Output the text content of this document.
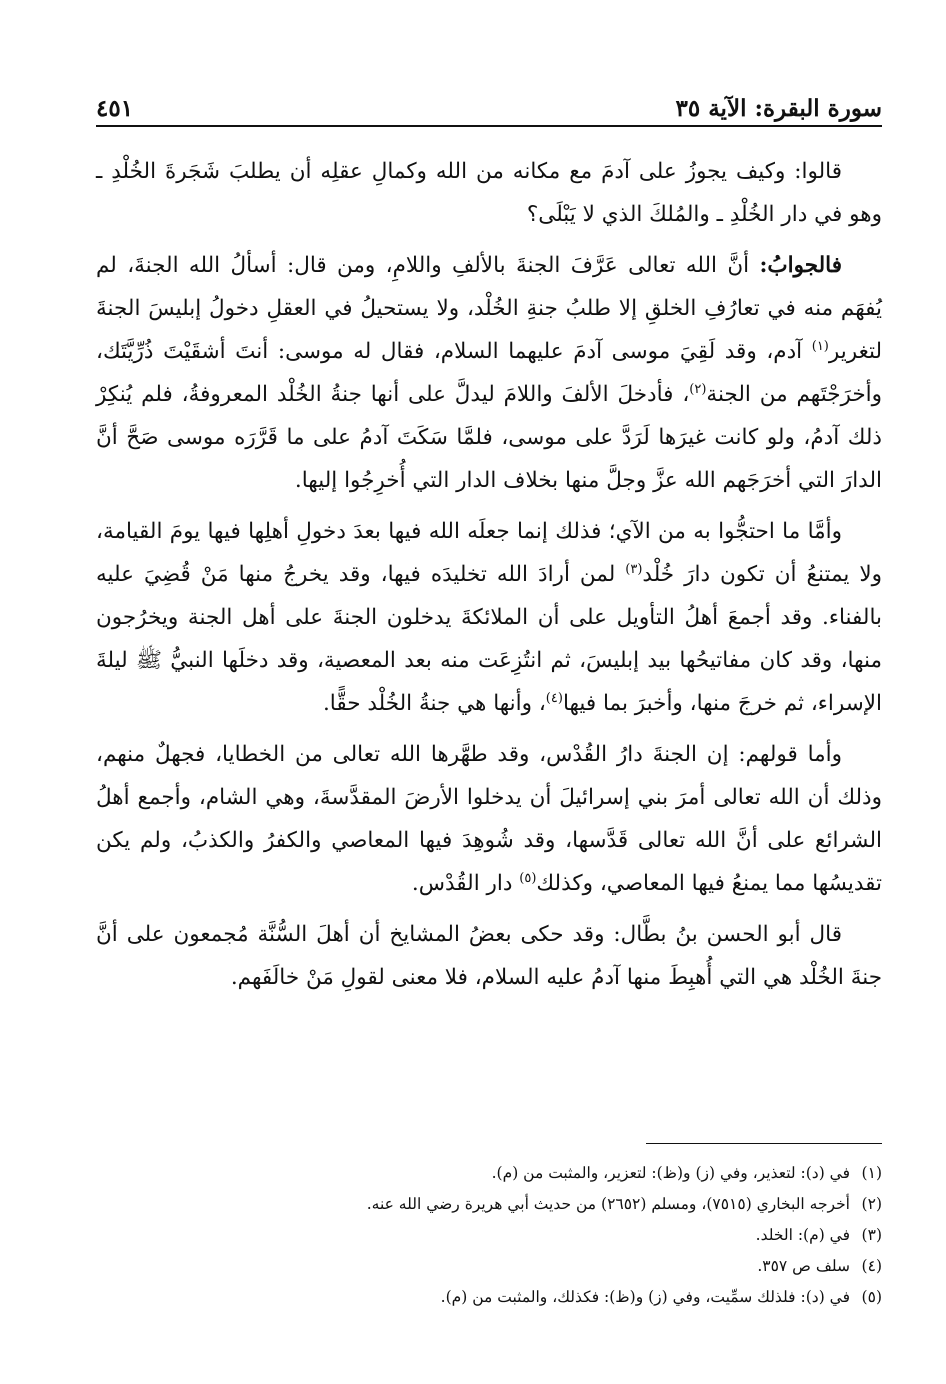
سورة البقرة: الآية ٣٥
٤٥١

قالوا: وكيف يجوزُ على آدمَ مع مكانه من الله وكمالِ عقلِه أن يطلبَ شَجَرةَ الخُلْدِ ـ وهو في دار الخُلْدِ ـ والمُلكَ الذي لا يَبْلَى؟

فالجوابُ: أنَّ الله تعالى عَرَّفَ الجنةَ بالألفِ واللامِ، ومن قال: أسألُ الله الجنةَ، لم يُفهَم منه في تعارُفِ الخلقِ إلا طلبُ جنةِ الخُلْد، ولا يستحيلُ في العقلِ دخولُ إبليسَ الجنةَ لتغرير$^{(١)}$ آدم، وقد لَقِيَ موسى آدمَ عليهما السلام، فقال له موسى: أنتَ أشقَيْتَ ذُرِّيَّتَك، وأخرَجْتَهم من الجنة$^{(٢)}$، فأدخلَ الألفَ واللامَ ليدلَّ على أنها جنةُ الخُلْد المعروفةُ، فلم يُنكِرْ ذلك آدمُ، ولو كانت غيرَها لَرَدَّ على موسى، فلمَّا سَكَتَ آدمُ على ما قَرَّرَه موسى صَحَّ أنَّ الدارَ التي أخرَجَهم الله عزَّ وجلَّ منها بخلاف الدار التي أُخرِجُوا إليها.

وأمَّا ما احتجُّوا به من الآي؛ فذلك إنما جعلَه الله فيها بعدَ دخولِ أهلِها فيها يومَ القيامة، ولا يمتنعُ أن تكون دارَ خُلْد$^{(٣)}$ لمن أرادَ الله تخليدَه فيها، وقد يخرجُ منها مَنْ قُضِيَ عليه بالفناء. وقد أجمعَ أهلُ التأويل على أن الملائكةَ يدخلون الجنةَ على أهل الجنة ويخرُجون منها، وقد كان مفاتيحُها بيد إبليسَ، ثم انتُزِعَت منه بعد المعصية، وقد دخلَها النبيُّ ﷺ ليلةَ الإسراء، ثم خرجَ منها، وأخبرَ بما فيها$^{(٤)}$، وأنها هي جنةُ الخُلْد حقًّا.

وأما قولهم: إن الجنةَ دارُ القُدْس، وقد طهَّرها الله تعالى من الخطايا، فجهلٌ منهم، وذلك أن الله تعالى أمرَ بني إسرائيلَ أن يدخلوا الأرضَ المقدَّسةَ، وهي الشام، وأجمع أهلُ الشرائع على أنَّ الله تعالى قَدَّسها، وقد شُوهِدَ فيها المعاصي والكفرُ والكذبُ، ولم يكن تقديسُها مما يمنعُ فيها المعاصي، وكذلك$^{(٥)}$ دار القُدْس.

قال أبو الحسن بنُ بطَّال: وقد حكى بعضُ المشايخ أن أهلَ السُّنَّة مُجمعون على أنَّ جنةَ الخُلْد هي التي أُهبِطَ منها آدمُ عليه السلام، فلا معنى لقولِ مَنْ خالَفَهم.

(١)
في (د): لتعذير، وفي (ز) و(ظ): لتعزير، والمثبت من (م).
(٢)
أخرجه البخاري (٧٥١٥)، ومسلم (٢٦٥٢) من حديث أبي هريرة رضي الله عنه.
(٣)
في (م): الخلد.
(٤)
سلف ص ٣٥٧.
(٥)
في (د): فلذلك سمِّيت، وفي (ز) و(ظ): فكذلك، والمثبت من (م).
